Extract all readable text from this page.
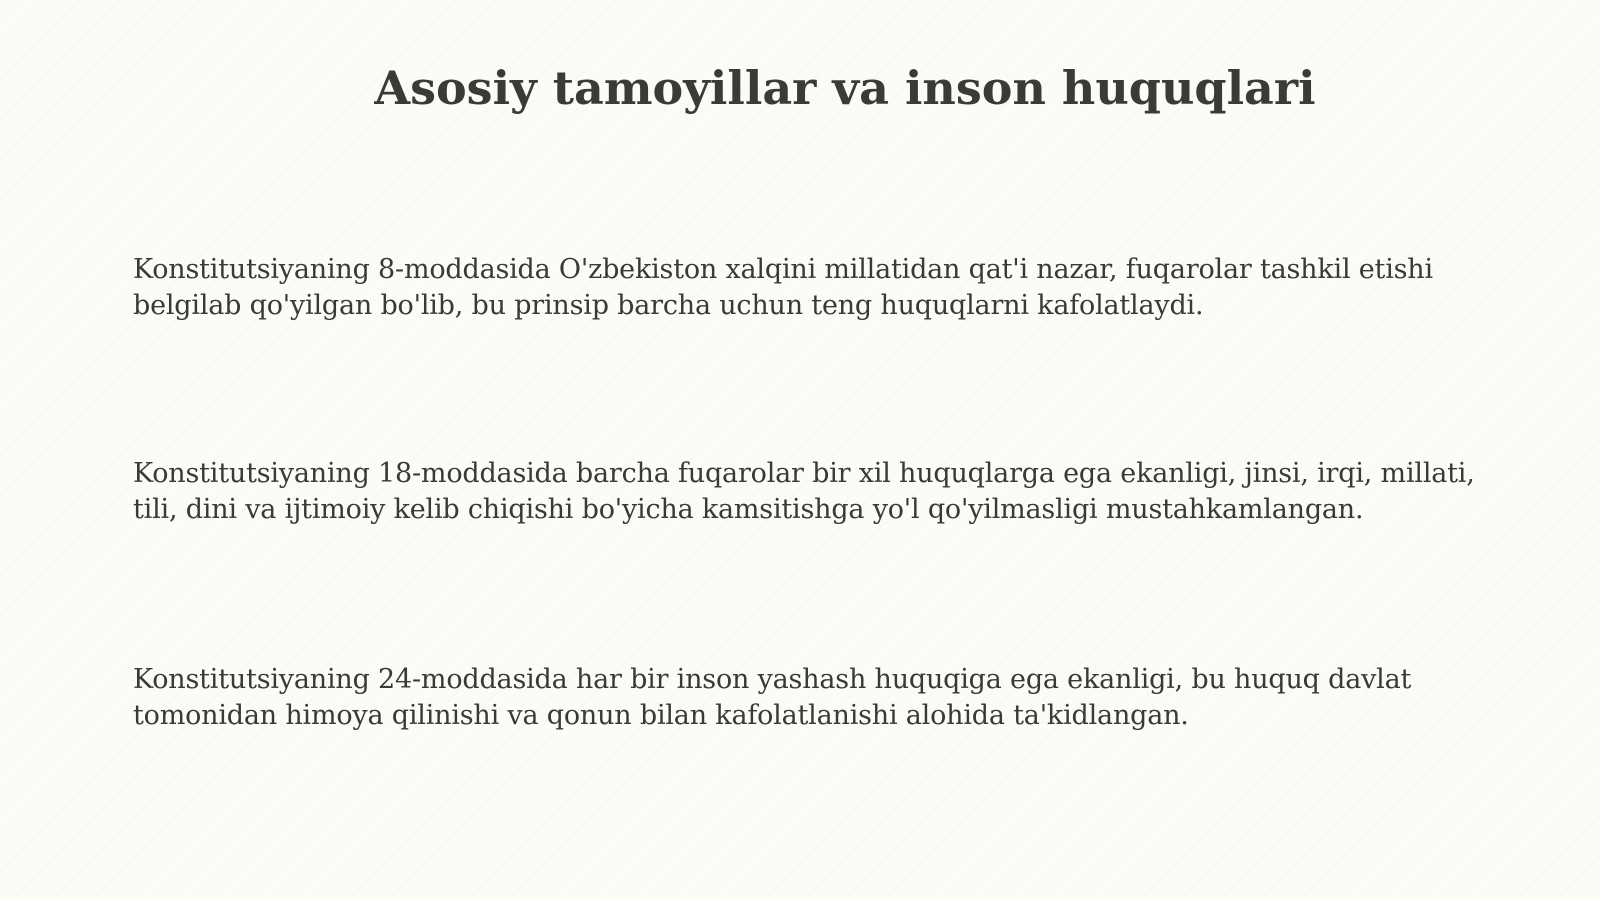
Asosiy tamoyillar va inson huquqlari

Konstitutsiyaning 8-moddasida O'zbekiston xalqini millatidan qat'i nazar, fuqarolar tashkil etishi belgilab qo'yilgan bo'lib, bu prinsip barcha uchun teng huquqlarni kafolatlaydi.

Konstitutsiyaning 18-moddasida barcha fuqarolar bir xil huquqlarga ega ekanligi, jinsi, irqi, millati, tili, dini va ijtimoiy kelib chiqishi bo'yicha kamsitishga yo'l qo'yilmasligi mustahkamlangan.

Konstitutsiyaning 24-moddasida har bir inson yashash huquqiga ega ekanligi, bu huquq davlat tomonidan himoya qilinishi va qonun bilan kafolatlanishi alohida ta'kidlangan.
